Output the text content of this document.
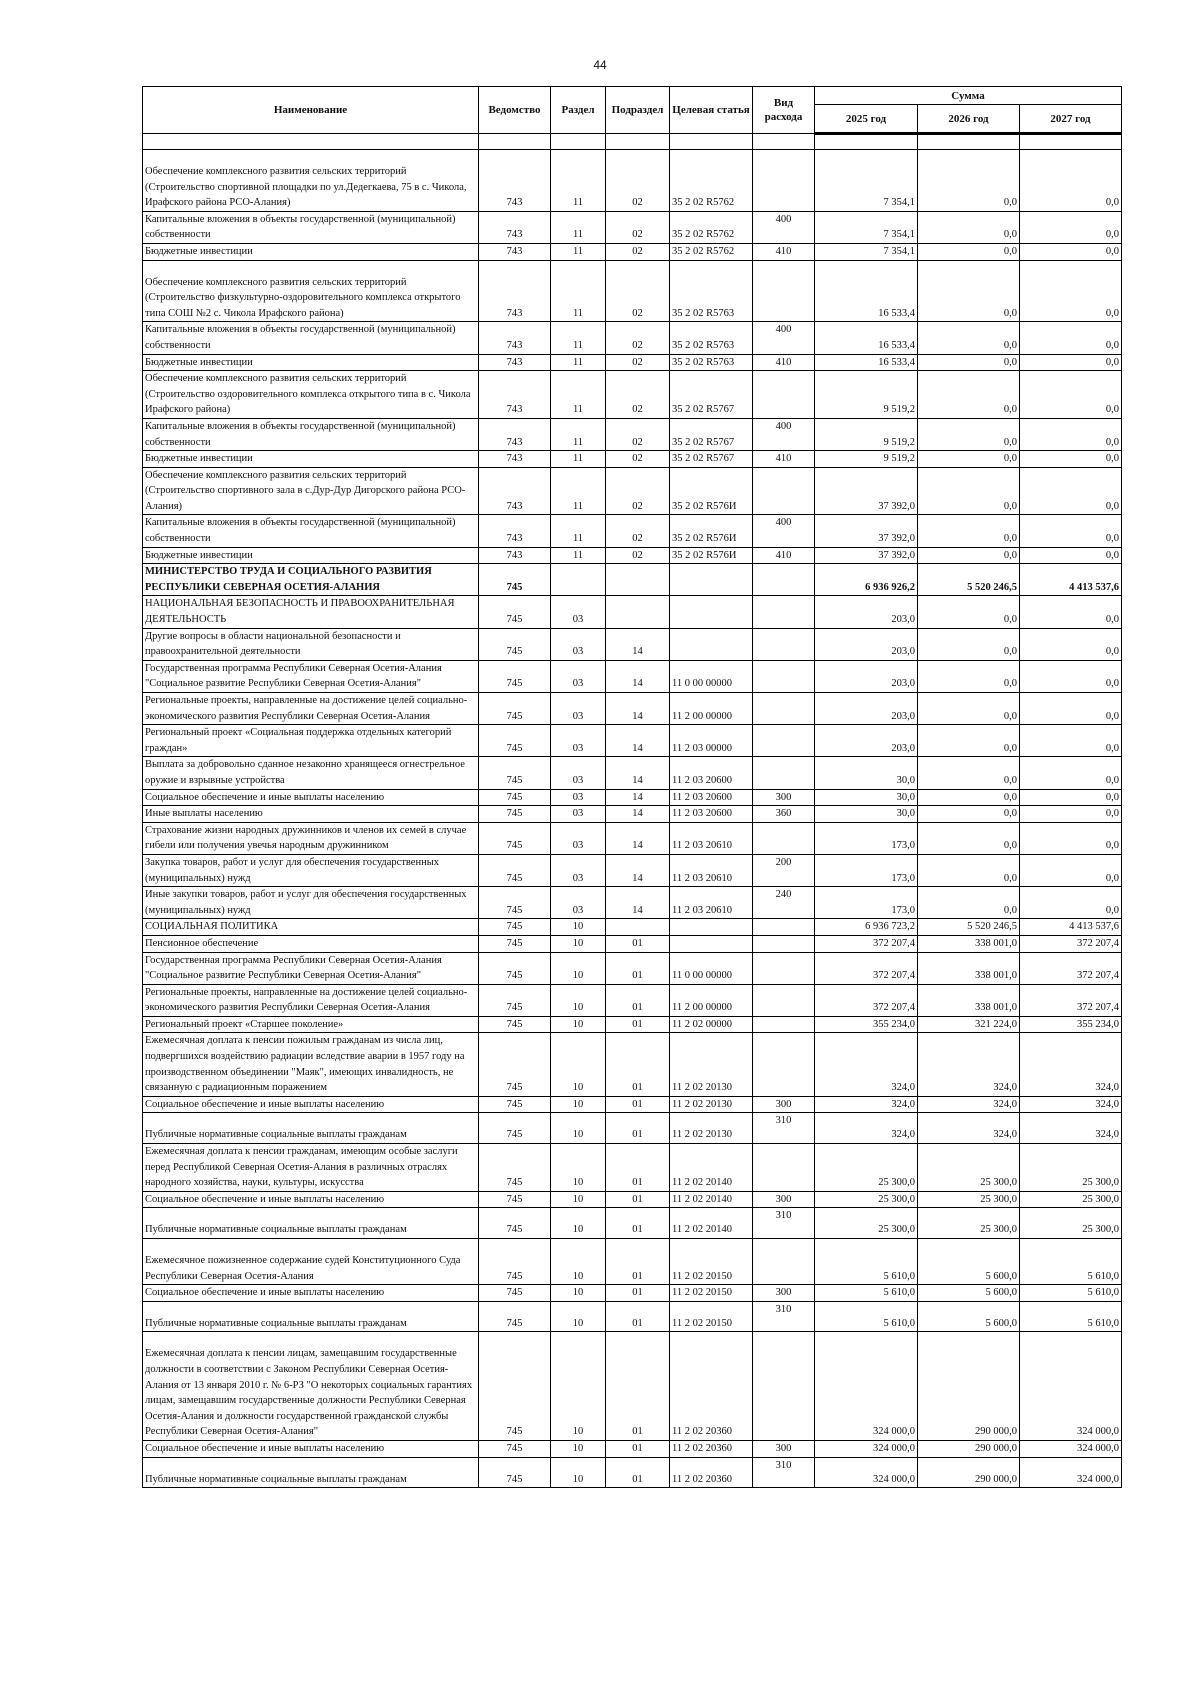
44
Наименование	Ведомство	Раздел	Подраздел	Целевая статья	Вид расхода	Сумма		
						2025 год	2026 год	2027 год

Обеспечение комплексного развития сельских территорий (Строительство спортивной площадки по ул.Дедегкаева, 75 в с. Чикола, Ирафского района РСО-Алания)	743	11	02	35 2 02 R5762		7 354,1	0,0	0,0
Капитальные вложения в объекты государственной (муниципальной) собственности	743	11	02	35 2 02 R5762	400	7 354,1	0,0	0,0
Бюджетные инвестиции	743	11	02	35 2 02 R5762	410	7 354,1	0,0	0,0
Обеспечение комплексного развития сельских территорий (Строительство физкультурно-оздоровительного комплекса открытого типа СОШ №2 с. Чикола Ирафского района)	743	11	02	35 2 02 R5763		16 533,4	0,0	0,0
Капитальные вложения в объекты государственной (муниципальной) собственности	743	11	02	35 2 02 R5763	400	16 533,4	0,0	0,0
Бюджетные инвестиции	743	11	02	35 2 02 R5763	410	16 533,4	0,0	0,0
Обеспечение комплексного развития сельских территорий (Строительство оздоровительного комплекса открытого типа в с. Чикола Ирафского района)	743	11	02	35 2 02 R5767		9 519,2	0,0	0,0
Капитальные вложения в объекты государственной (муниципальной) собственности	743	11	02	35 2 02 R5767	400	9 519,2	0,0	0,0
Бюджетные инвестиции	743	11	02	35 2 02 R5767	410	9 519,2	0,0	0,0
Обеспечение комплексного развития сельских территорий (Строительство спортивного зала в с.Дур-Дур Дигорского района РСО-Алания)	743	11	02	35 2 02 R576И		37 392,0	0,0	0,0
Капитальные вложения в объекты государственной (муниципальной) собственности	743	11	02	35 2 02 R576И	400	37 392,0	0,0	0,0
Бюджетные инвестиции	743	11	02	35 2 02 R576И	410	37 392,0	0,0	0,0
МИНИСТЕРСТВО ТРУДА И СОЦИАЛЬНОГО РАЗВИТИЯ РЕСПУБЛИКИ СЕВЕРНАЯ ОСЕТИЯ-АЛАНИЯ	745					6 936 926,2	5 520 246,5	4 413 537,6
НАЦИОНАЛЬНАЯ БЕЗОПАСНОСТЬ И ПРАВООХРАНИТЕЛЬНАЯ ДЕЯТЕЛЬНОСТЬ	745	03				203,0	0,0	0,0
Другие вопросы в области национальной безопасности и правоохранительной деятельности	745	03	14			203,0	0,0	0,0
Государственная программа Республики Северная Осетия-Алания "Социальное развитие Республики Северная Осетия-Алания"	745	03	14	11 0 00 00000		203,0	0,0	0,0
Региональные проекты, направленные на достижение целей социально-экономического развития Республики Северная Осетия-Алания	745	03	14	11 2 00 00000		203,0	0,0	0,0
Региональный проект «Социальная поддержка отдельных категорий граждан»	745	03	14	11 2 03 00000		203,0	0,0	0,0
Выплата за добровольно сданное незаконно хранящееся огнестрельное оружие и взрывные устройства	745	03	14	11 2 03 20600		30,0	0,0	0,0
Социальное обеспечение и иные выплаты населению	745	03	14	11 2 03 20600	300	30,0	0,0	0,0
Иные выплаты населению	745	03	14	11 2 03 20600	360	30,0	0,0	0,0
Страхование жизни народных дружинников и членов их семей в случае гибели или получения увечья народным дружинником	745	03	14	11 2 03 20610		173,0	0,0	0,0
Закупка товаров, работ и услуг для обеспечения государственных (муниципальных) нужд	745	03	14	11 2 03 20610	200	173,0	0,0	0,0
Иные закупки товаров, работ и услуг для обеспечения государственных (муниципальных) нужд	745	03	14	11 2 03 20610	240	173,0	0,0	0,0
СОЦИАЛЬНАЯ ПОЛИТИКА	745	10				6 936 723,2	5 520 246,5	4 413 537,6
Пенсионное обеспечение	745	10	01			372 207,4	338 001,0	372 207,4
Государственная программа Республики Северная Осетия-Алания "Социальное развитие Республики Северная Осетия-Алания"	745	10	01	11 0 00 00000		372 207,4	338 001,0	372 207,4
Региональные проекты, направленные на достижение целей социально-экономического развития Республики Северная Осетия-Алания	745	10	01	11 2 00 00000		372 207,4	338 001,0	372 207,4
Региональный проект «Старшее поколение»	745	10	01	11 2 02 00000		355 234,0	321 224,0	355 234,0
Ежемесячная доплата к пенсии пожилым гражданам из числа лиц, подвергшихся воздействию радиации вследствие аварии в 1957 году на производственном объединении "Маяк", имеющих инвалидность, не связанную с радиационным поражением	745	10	01	11 2 02 20130		324,0	324,0	324,0
Социальное обеспечение и иные выплаты населению	745	10	01	11 2 02 20130	300	324,0	324,0	324,0
Публичные нормативные социальные выплаты гражданам	745	10	01	11 2 02 20130	310	324,0	324,0	324,0
Ежемесячная доплата к пенсии гражданам, имеющим особые заслуги перед Республикой Северная Осетия-Алания в различных отраслях народного хозяйства, науки, культуры, искусства	745	10	01	11 2 02 20140		25 300,0	25 300,0	25 300,0
Социальное обеспечение и иные выплаты населению	745	10	01	11 2 02 20140	300	25 300,0	25 300,0	25 300,0
Публичные нормативные социальные выплаты гражданам	745	10	01	11 2 02 20140	310	25 300,0	25 300,0	25 300,0
Ежемесячное пожизненное содержание судей Конституционного Суда Республики Северная Осетия-Алания	745	10	01	11 2 02 20150		5 610,0	5 600,0	5 610,0
Социальное обеспечение и иные выплаты населению	745	10	01	11 2 02 20150	300	5 610,0	5 600,0	5 610,0
Публичные нормативные социальные выплаты гражданам	745	10	01	11 2 02 20150	310	5 610,0	5 600,0	5 610,0
Ежемесячная доплата к пенсии лицам, замещавшим государственные должности в соответствии с Законом Республики Северная Осетия-Алания от 13 января 2010 г. № 6-РЗ "О некоторых социальных гарантиях лицам, замещавшим государственные должности Республики Северная Осетия-Алания и должности государственной гражданской службы Республики Северная Осетия-Алания"	745	10	01	11 2 02 20360		324 000,0	290 000,0	324 000,0
Социальное обеспечение и иные выплаты населению	745	10	01	11 2 02 20360	300	324 000,0	290 000,0	324 000,0
Публичные нормативные социальные выплаты гражданам	745	10	01	11 2 02 20360	310	324 000,0	290 000,0	324 000,0
